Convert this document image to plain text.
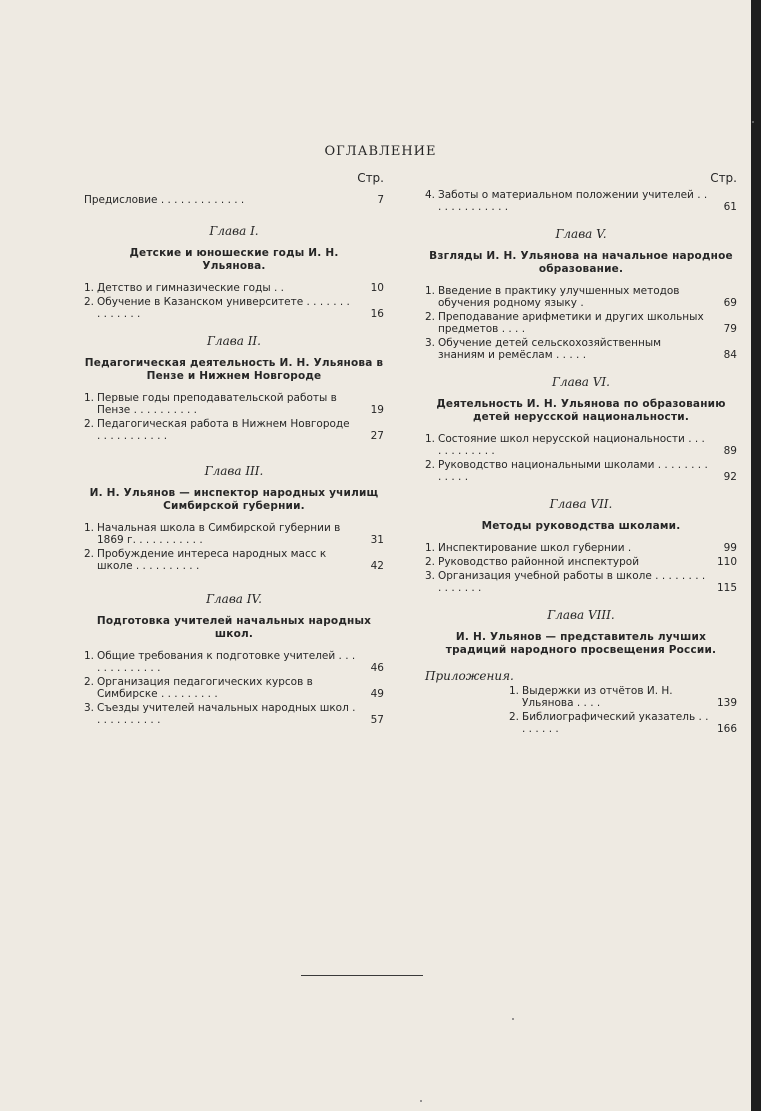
ОГЛАВЛЕНИЕ
Стр.
Предисловие . . . . . . . . . . . . .	7
Глава I.
Детские и юношеские годы И. Н. Ульянова.
1. Детство и гимназические годы . .	10
2. Обучение в Казанском университете . . . . . . . . . . . . . .	16
Глава II.
Педагогическая деятельность И. Н. Ульянова в Пензе и Нижнем Новгороде
1. Первые годы преподавательской работы в Пензе . . . . . . . . . .	19
2. Педагогическая работа в Нижнем Новгороде . . . . . . . . . . .	27
Глава III.
И. Н. Ульянов — инспектор народных училищ Симбирской губернии.
1. Начальная школа в Симбирской губернии в 1869 г. . . . . . . . . . .	31
2. Пробуждение интереса народных масс к школе . . . . . . . . . .	42
Глава IV.
Подготовка учителей начальных народных школ.
1. Общие требования к подготовке учителей . . . . . . . . . . . . .	46
2. Организация педагогических курсов в Симбирске . . . . . . . . .	49
3. Съезды учителей начальных народных школ . . . . . . . . . . .	57
Стр.
4. Заботы о материальном положении учителей . . . . . . . . . . . . .	61
Глава V.
Взгляды И. Н. Ульянова на начальное народное образование.
1. Введение в практику улучшенных методов обучения родному языку .	69
2. Преподавание арифметики и других школьных предметов . . . .	79
3. Обучение детей сельскохозяйственным знаниям и ремёслам . . . . .	84
Глава VI.
Деятельность И. Н. Ульянова по образованию детей нерусской национальности.
1. Состояние школ нерусской национальности . . . . . . . . . . . .	89
2. Руководство национальными школами . . . . . . . . . . . . .	92
Глава VII.
Методы руководства школами.
1. Инспектирование школ губернии .	99
2. Руководство районной инспектурой	110
3. Организация учебной работы в школе . . . . . . . . . . . . . . .	115
Глава VIII.
И. Н. Ульянов — представитель лучших традиций народного просвещения России.
Приложения.
1. Выдержки из отчётов И. Н. Ульянова . . . .	139
2. Библиографический указатель . . . . . . . .	166
